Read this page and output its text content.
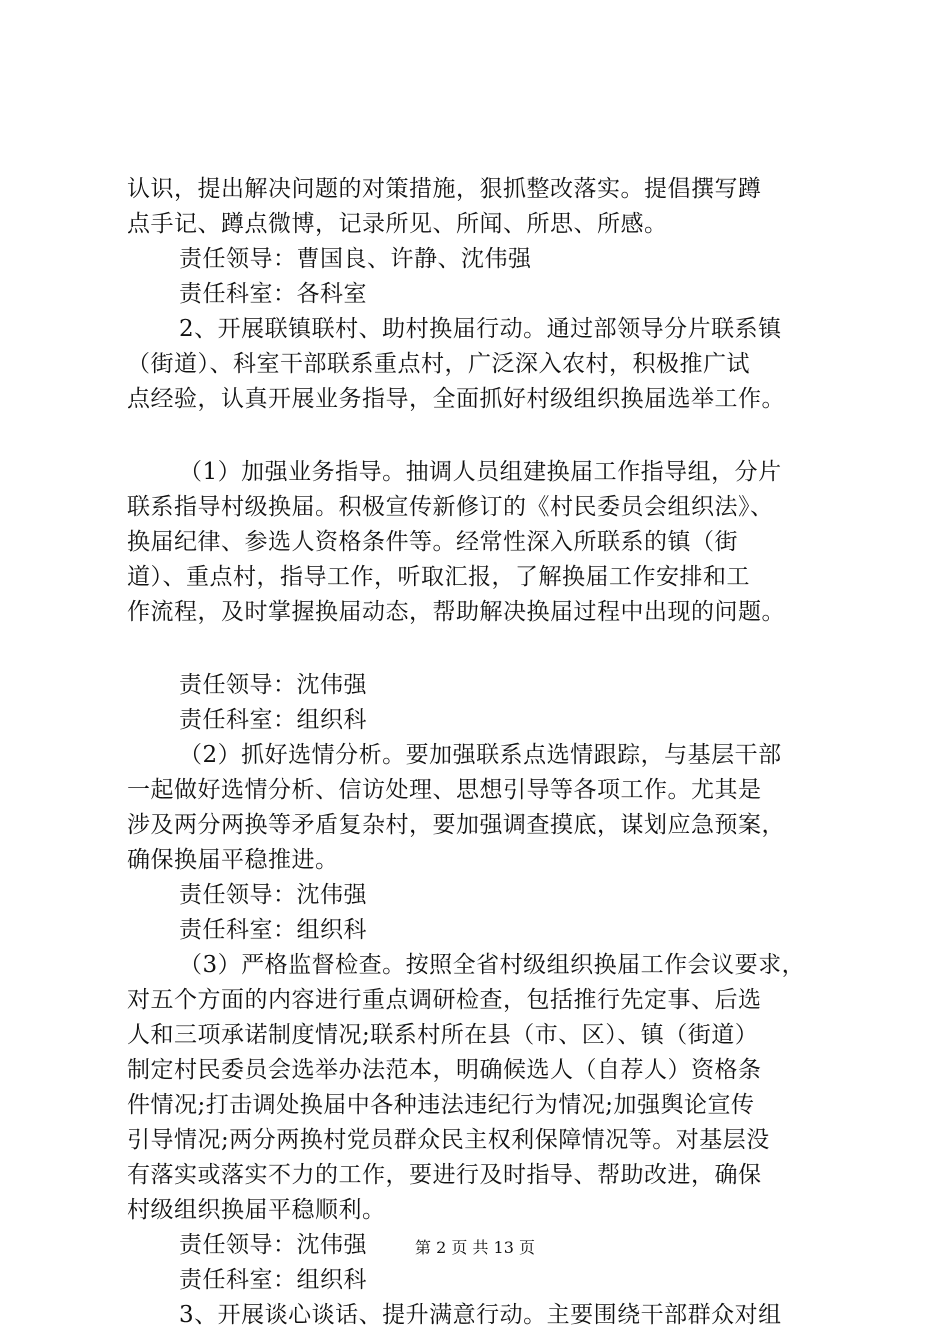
认识，提出解决问题的对策措施，狠抓整改落实。提倡撰写蹲
点手记、蹲点微博，记录所见、所闻、所思、所感。
责任领导：曹国良、许静、沈伟强
责任科室：各科室
2、开展联镇联村、助村换届行动。通过部领导分片联系镇
（街道）、科室干部联系重点村，广泛深入农村，积极推广试
点经验，认真开展业务指导，全面抓好村级组织换届选举工作。
（1）加强业务指导。抽调人员组建换届工作指导组，分片
联系指导村级换届。积极宣传新修订的《村民委员会组织法》、
换届纪律、参选人资格条件等。经常性深入所联系的镇（街
道）、重点村，指导工作，听取汇报，了解换届工作安排和工
作流程，及时掌握换届动态，帮助解决换届过程中出现的问题。
责任领导：沈伟强
责任科室：组织科
（2）抓好选情分析。要加强联系点选情跟踪，与基层干部
一起做好选情分析、信访处理、思想引导等各项工作。尤其是
涉及两分两换等矛盾复杂村，要加强调查摸底，谋划应急预案，
确保换届平稳推进。
责任领导：沈伟强
责任科室：组织科
（3）严格监督检查。按照全省村级组织换届工作会议要求，
对五个方面的内容进行重点调研检查，包括推行先定事、后选
人和三项承诺制度情况;联系村所在县（市、区）、镇（街道）
制定村民委员会选举办法范本，明确候选人（自荐人）资格条
件情况;打击调处换届中各种违法违纪行为情况;加强舆论宣传
引导情况;两分两换村党员群众民主权利保障情况等。对基层没
有落实或落实不力的工作，要进行及时指导、帮助改进，确保
村级组织换届平稳顺利。
责任领导：沈伟强
责任科室：组织科
3、开展谈心谈话、提升满意行动。主要围绕干部群众对组
第 2 页 共 13 页
